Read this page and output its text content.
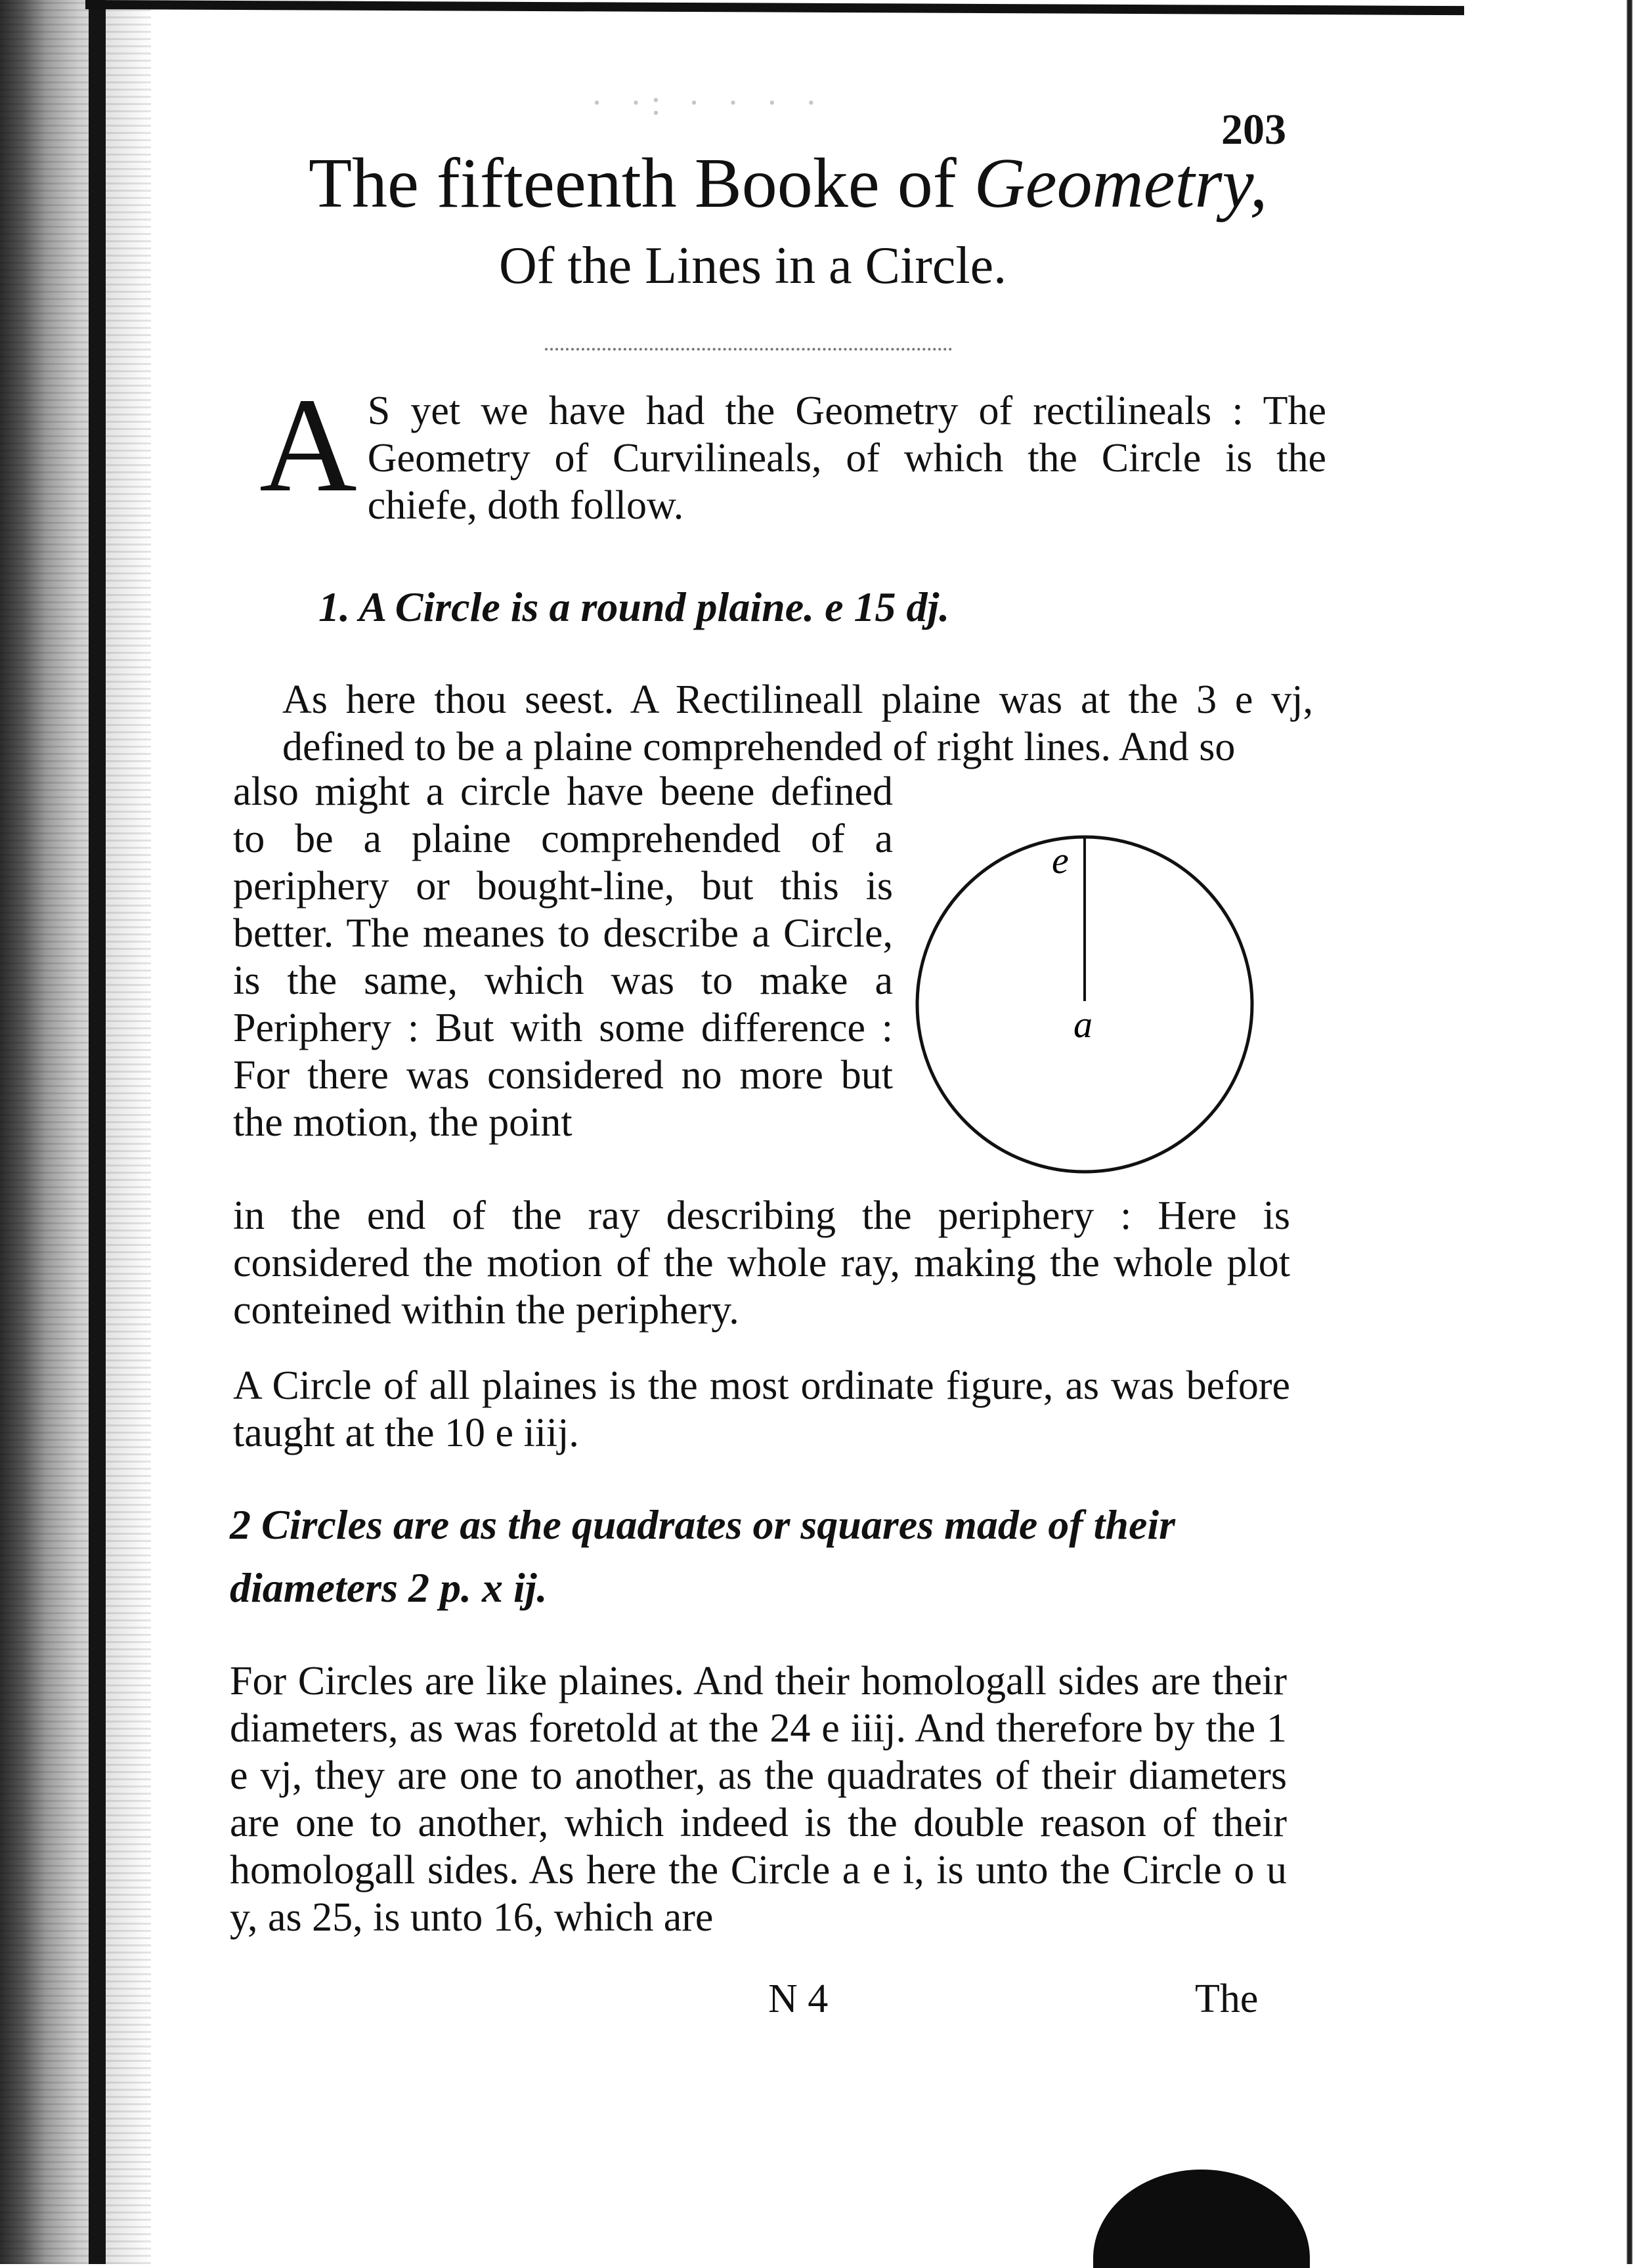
· ·: · · · ·
203
The fifteenth Booke of Geometry,
Of the Lines in a Circle.
A S yet we have had the Geometry of rectilineals : The Geometry of Curvilineals, of which the Circle is the chiefe, doth follow.
1. A Circle is a round plaine. e 15 dj.
As here thou seest. A Rectilineall plaine was at the 3 e vj, defined to be a plaine comprehended of right lines. And so
also might a circle have beene defined to be a plaine comprehended of a periphery or bought-line, but this is better. The meanes to describe a Circle, is the same, which was to make a Periphery : But with some difference : For there was considered no more but the motion, the point
in the end of the ray describing the periphery : Here is considered the motion of the whole ray, making the whole plot conteined within the periphery.
A Circle of all plaines is the most ordinate figure, as was before taught at the 10 e iiij.
e
a
2 Circles are as the quadrates or squares made of their diameters 2 p. x ij.
For Circles are like plaines. And their homologall sides are their diameters, as was foretold at the 24 e iiij. And therefore by the 1 e vj, they are one to another, as the quadrates of their diameters are one to another, which indeed is the double reason of their homologall sides. As here the Circle a e i, is unto the Circle o u y, as 25, is unto 16, which are
N 4	The
